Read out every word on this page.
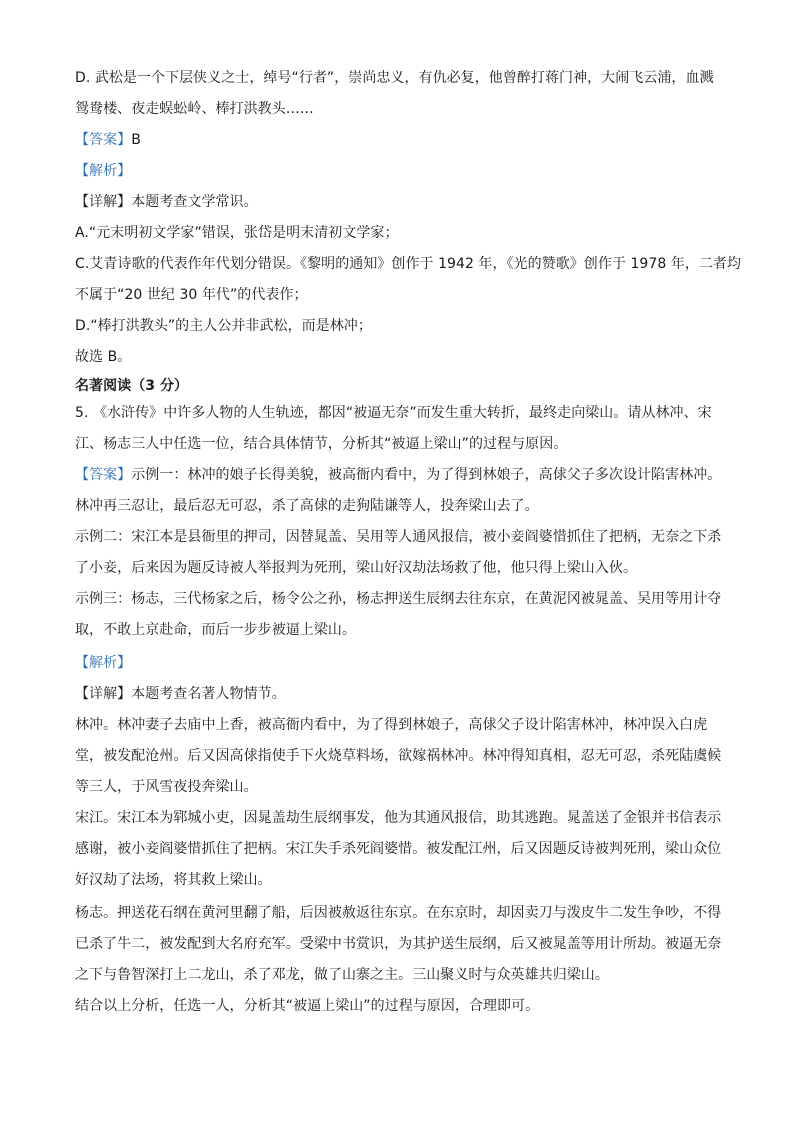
D. 武松是一个下层侠义之士，绰号“行者”，崇尚忠义，有仇必复，他曾醉打蒋门神，大闹飞云浦，血溅
鸳鸯楼、夜走蜈蚣岭、棒打洪教头……
【答案】B
【解析】
【详解】本题考查文学常识。
A.“元末明初文学家”错误，张岱是明末清初文学家；
C.艾青诗歌的代表作年代划分错误。《黎明的通知》创作于 1942 年，《光的赞歌》创作于 1978 年，二者均
不属于“20 世纪 30 年代”的代表作；
D.“棒打洪教头”的主人公并非武松，而是林冲；
故选 B。
名著阅读（3 分）
5. 《水浒传》中许多人物的人生轨迹，都因“被逼无奈”而发生重大转折，最终走向梁山。请从林冲、宋
江、杨志三人中任选一位，结合具体情节，分析其“被逼上梁山”的过程与原因。
【答案】示例一：林冲的娘子长得美貌，被高衙内看中，为了得到林娘子，高俅父子多次设计陷害林冲。
林冲再三忍让，最后忍无可忍，杀了高俅的走狗陆谦等人，投奔梁山去了。
示例二：宋江本是县衙里的押司，因替晁盖、吴用等人通风报信，被小妾阎婆惜抓住了把柄，无奈之下杀
了小妾，后来因为题反诗被人举报判为死刑，梁山好汉劫法场救了他，他只得上梁山入伙。
示例三：杨志，三代杨家之后，杨令公之孙，杨志押送生辰纲去往东京，在黄泥冈被晁盖、吴用等用计夺
取，不敢上京赴命，而后一步步被逼上梁山。
【解析】
【详解】本题考查名著人物情节。
林冲。林冲妻子去庙中上香，被高衙内看中，为了得到林娘子，高俅父子设计陷害林冲，林冲误入白虎
堂，被发配沧州。后又因高俅指使手下火烧草料场，欲嫁祸林冲。林冲得知真相，忍无可忍，杀死陆虞候
等三人，于风雪夜投奔梁山。
宋江。宋江本为郓城小吏，因晁盖劫生辰纲事发，他为其通风报信，助其逃跑。晁盖送了金银并书信表示
感谢，被小妾阎婆惜抓住了把柄。宋江失手杀死阎婆惜。被发配江州，后又因题反诗被判死刑，梁山众位
好汉劫了法场，将其救上梁山。
杨志。押送花石纲在黄河里翻了船，后因被赦返往东京。在东京时，却因卖刀与泼皮牛二发生争吵，不得
已杀了牛二，被发配到大名府充军。受梁中书赏识，为其护送生辰纲，后又被晁盖等用计所劫。被逼无奈
之下与鲁智深打上二龙山，杀了邓龙，做了山寨之主。三山聚义时与众英雄共归梁山。
结合以上分析，任选一人，分析其“被逼上梁山”的过程与原因，合理即可。
